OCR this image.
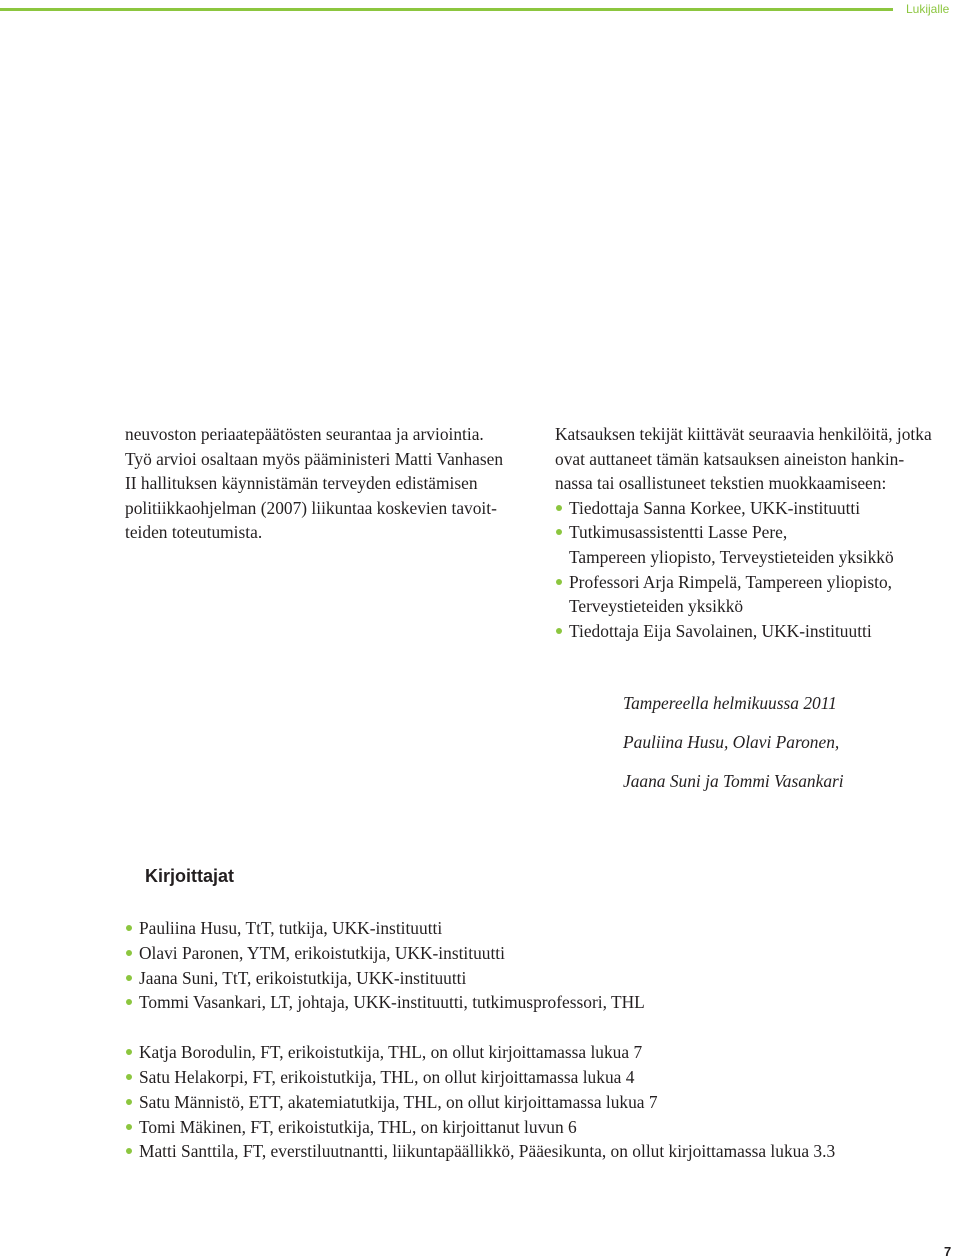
Lukijalle

neuvoston periaatepäätösten seurantaa ja arviointia.

Työ arvioi osaltaan myös pääministeri Matti Vanhasen

II hallituksen käynnistämän terveyden edistämisen

politiikkaohjelman (2007) liikuntaa koskevien tavoit-

teiden toteutumista.

Katsauksen tekijät kiittävät seuraavia henkilöitä, jotka

ovat auttaneet tämän katsauksen aineiston hankin-

nassa tai osallistuneet tekstien muokkaamiseen:

Tiedottaja Sanna Korkee, UKK-instituutti
Tutkimusassistentti Lasse Pere,
Tampereen yliopisto, Terveystieteiden yksikkö
Professori Arja Rimpelä, Tampereen yliopisto,
Terveystieteiden yksikkö
Tiedottaja Eija Savolainen, UKK-instituutti
Tampereella helmikuussa 2011
Pauliina Husu, Olavi Paronen,
Jaana Suni ja Tommi Vasankari
Kirjoittajat
Pauliina Husu, TtT, tutkija, UKK-instituutti
Olavi Paronen, YTM, erikoistutkija, UKK-instituutti
Jaana Suni, TtT, erikoistutkija, UKK-instituutti
Tommi Vasankari, LT, johtaja, UKK-instituutti, tutkimusprofessori, THL
Katja Borodulin, FT, erikoistutkija, THL, on ollut kirjoittamassa lukua 7
Satu Helakorpi, FT, erikoistutkija, THL, on ollut kirjoittamassa lukua 4
Satu Männistö, ETT, akatemiatutkija, THL, on ollut kirjoittamassa lukua 7
Tomi Mäkinen, FT, erikoistutkija, THL, on kirjoittanut luvun 6
Matti Santtila, FT, everstiluutnantti, liikuntapäällikkö, Pääesikunta, on ollut kirjoittamassa lukua 3.3
7
